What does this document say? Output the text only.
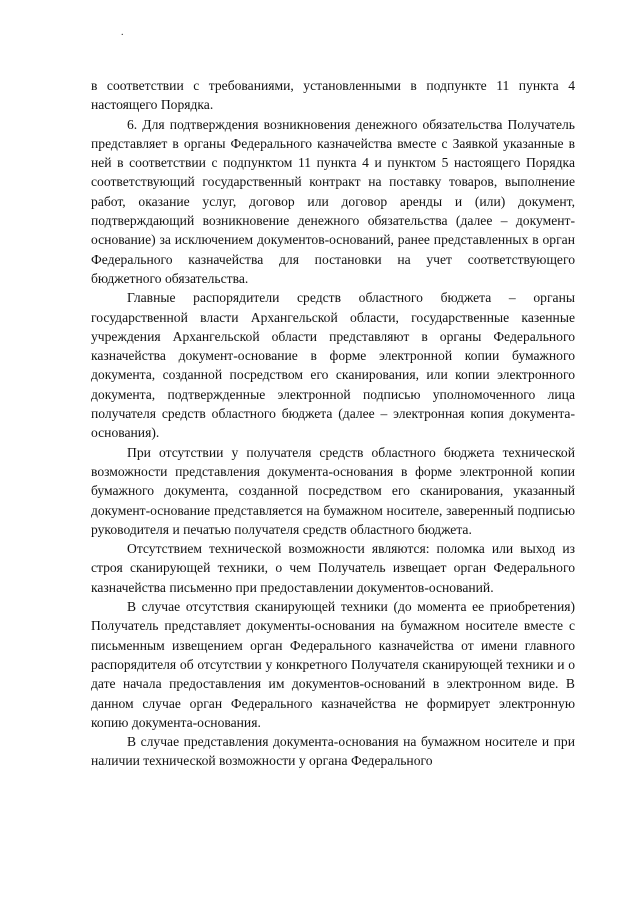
.

в соответствии с требованиями, установленными в подпункте 11 пункта 4 настоящего Порядка.

6. Для подтверждения возникновения денежного обязательства Получатель представляет в органы Федерального казначейства вместе с Заявкой указанные в ней в соответствии с подпунктом 11 пункта 4 и пунктом 5 настоящего Порядка соответствующий государственный контракт на поставку товаров, выполнение работ, оказание услуг, договор или договор аренды и (или) документ, подтверждающий возникновение денежного обязательства (далее – документ-основание) за исключением документов-оснований, ранее представленных в орган Федерального казначейства для постановки на учет соответствующего бюджетного обязательства.

Главные распорядители средств областного бюджета – органы государственной власти Архангельской области, государственные казенные учреждения Архангельской области представляют в органы Федерального казначейства документ-основание в форме электронной копии бумажного документа, созданной посредством его сканирования, или копии электронного документа, подтвержденные электронной подписью уполномоченного лица получателя средств областного бюджета (далее – электронная копия документа-основания).

При отсутствии у получателя средств областного бюджета технической возможности представления документа-основания в форме электронной копии бумажного документа, созданной посредством его сканирования, указанный документ-основание представляется на бумажном носителе, заверенный подписью руководителя и печатью получателя средств областного бюджета.

Отсутствием технической возможности являются: поломка или выход из строя сканирующей техники, о чем Получатель извещает орган Федерального казначейства письменно при предоставлении документов-оснований.

В случае отсутствия сканирующей техники (до момента ее приобретения) Получатель представляет документы-основания на бумажном носителе вместе с письменным извещением орган Федерального казначейства от имени главного распорядителя об отсутствии у конкретного Получателя сканирующей техники и о дате начала предоставления им документов-оснований в электронном виде. В данном случае орган Федерального казначейства не формирует электронную копию документа-основания.

В случае представления документа-основания на бумажном носителе и при наличии технической возможности у органа Федерального
